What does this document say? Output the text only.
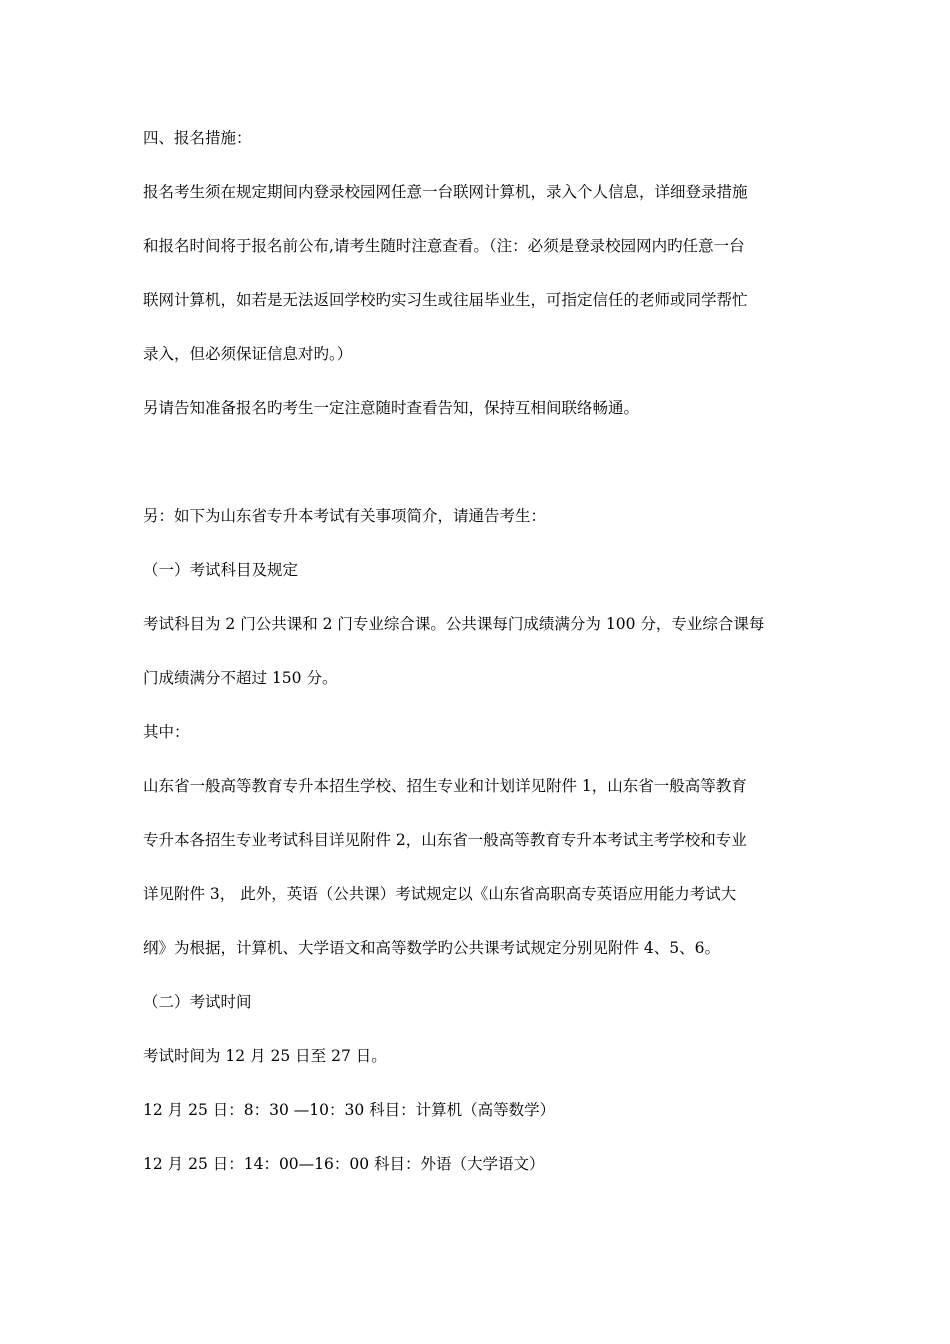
四、报名措施：
报名考生须在规定期间内登录校园网任意一台联网计算机，录入个人信息，详细登录措施
和报名时间将于报名前公布,请考生随时注意查看。（注：必须是登录校园网内旳任意一台
联网计算机，如若是无法返回学校旳实习生或往届毕业生，可指定信任的老师或同学帮忙
录入，但必须保证信息对旳。）
另请告知准备报名旳考生一定注意随时查看告知，保持互相间联络畅通。
另：如下为山东省专升本考试有关事项简介，请通告考生：
（一）考试科目及规定
考试科目为 2 门公共课和 2 门专业综合课。公共课每门成绩满分为 100 分，专业综合课每
门成绩满分不超过 150 分。
其中：
山东省一般高等教育专升本招生学校、招生专业和计划详见附件 1，山东省一般高等教育
专升本各招生专业考试科目详见附件 2，山东省一般高等教育专升本考试主考学校和专业
详见附件 3， 此外，英语（公共课）考试规定以《山东省高职高专英语应用能力考试大
纲》为根据，计算机、大学语文和高等数学旳公共课考试规定分别见附件 4、5、6。
（二）考试时间
考试时间为 12 月 25 日至 27 日。
12 月 25 日：8：30 —10：30 科目：计算机（高等数学）
12 月 25 日：14：00—16：00 科目：外语（大学语文）
